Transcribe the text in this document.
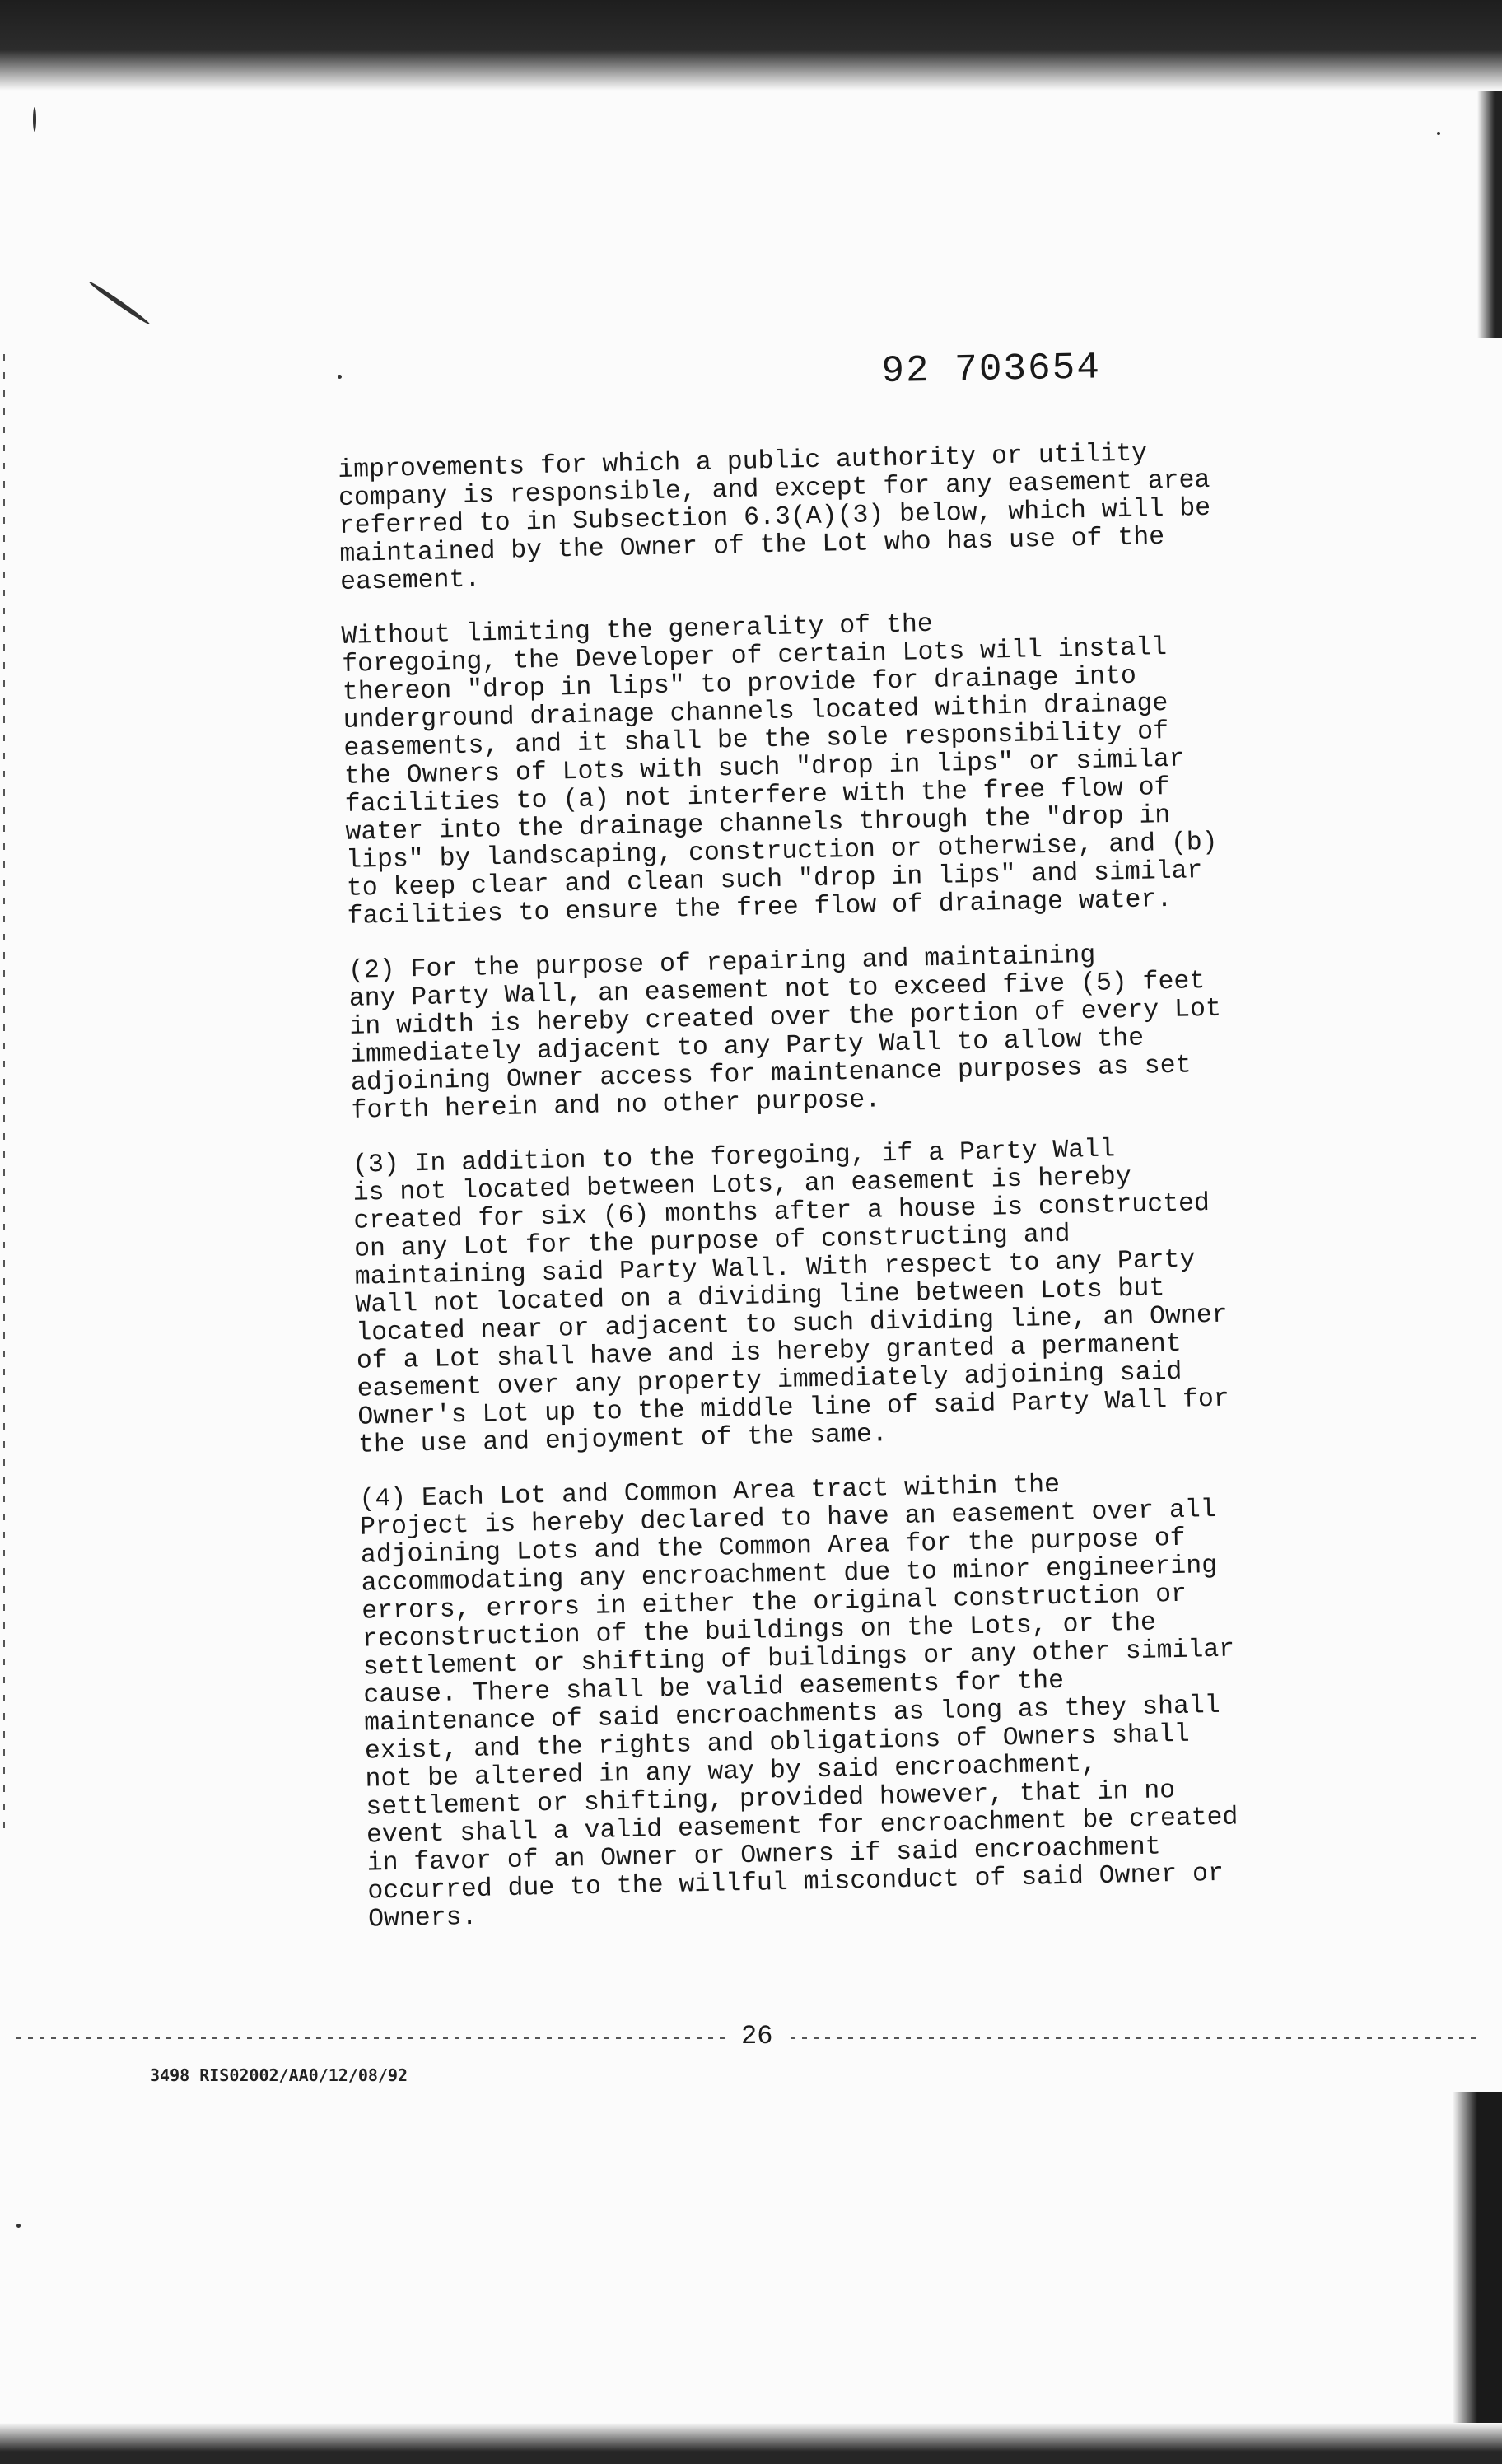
92 703654

improvements for which a public authority or utility
company is responsible, and except for any easement area
referred to in Subsection 6.3(A)(3) below, which will be
maintained by the Owner of the Lot who has use of the
easement.

Without limiting the generality of the
foregoing, the Developer of certain Lots will install
thereon "drop in lips" to provide for drainage into
underground drainage channels located within drainage
easements, and it shall be the sole responsibility of
the Owners of Lots with such "drop in lips" or similar
facilities to (a) not interfere with the free flow of
water into the drainage channels through the "drop in
lips" by landscaping, construction or otherwise, and (b)
to keep clear and clean such "drop in lips" and similar
facilities to ensure the free flow of drainage water.

(2) For the purpose of repairing and maintaining
any Party Wall, an easement not to exceed five (5) feet
in width is hereby created over the portion of every Lot
immediately adjacent to any Party Wall to allow the
adjoining Owner access for maintenance purposes as set
forth herein and no other purpose.

(3) In addition to the foregoing, if a Party Wall
is not located between Lots, an easement is hereby
created for six (6) months after a house is constructed
on any Lot for the purpose of constructing and
maintaining said Party Wall. With respect to any Party
Wall not located on a dividing line between Lots but
located near or adjacent to such dividing line, an Owner
of a Lot shall have and is hereby granted a permanent
easement over any property immediately adjoining said
Owner's Lot up to the middle line of said Party Wall for
the use and enjoyment of the same.

(4) Each Lot and Common Area tract within the
Project is hereby declared to have an easement over all
adjoining Lots and the Common Area for the purpose of
accommodating any encroachment due to minor engineering
errors, errors in either the original construction or
reconstruction of the buildings on the Lots, or the
settlement or shifting of buildings or any other similar
cause. There shall be valid easements for the
maintenance of said encroachments as long as they shall
exist, and the rights and obligations of Owners shall
not be altered in any way by said encroachment,
settlement or shifting, provided however, that in no
event shall a valid easement for encroachment be created
in favor of an Owner or Owners if said encroachment
occurred due to the willful misconduct of said Owner or
Owners.

26
3498 RIS02002/AA0/12/08/92
